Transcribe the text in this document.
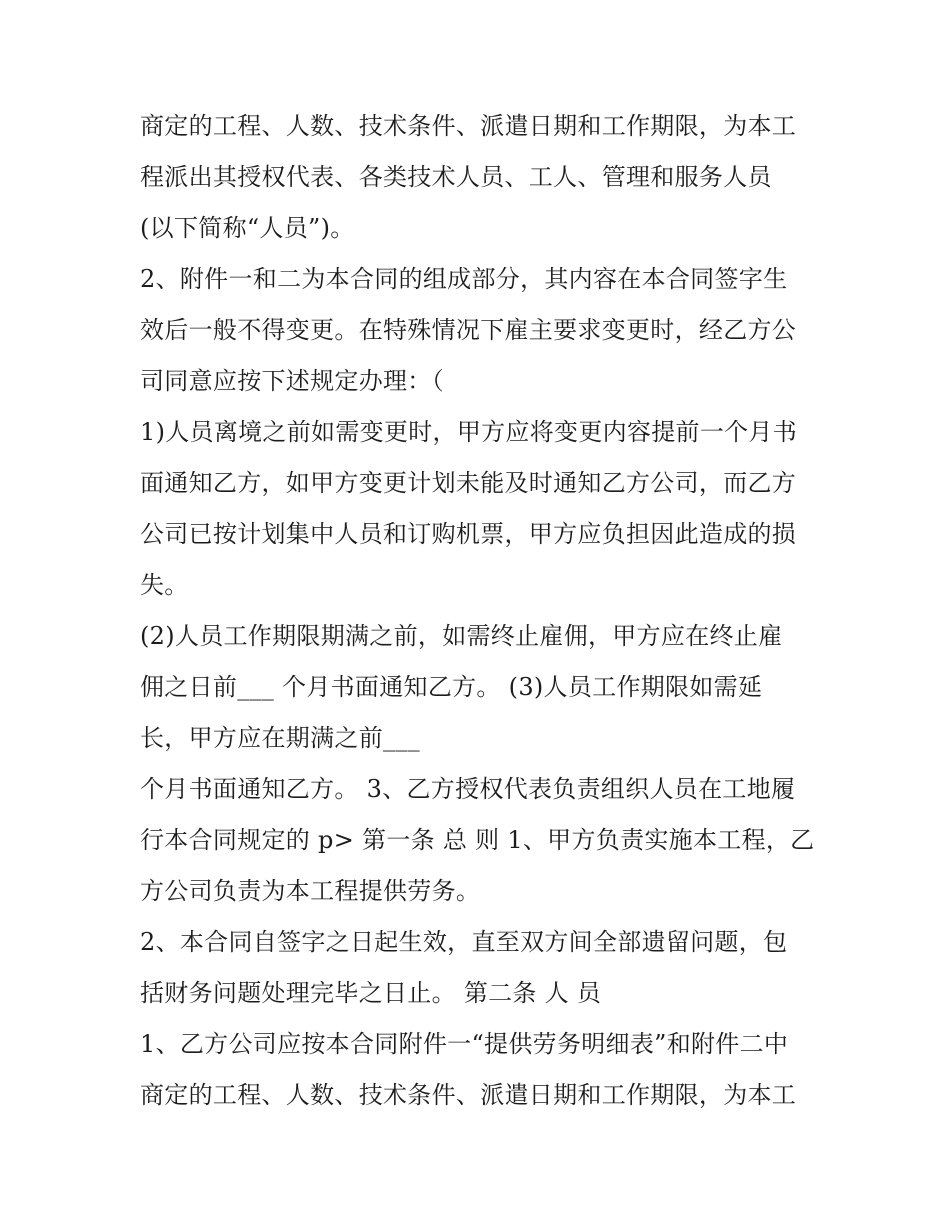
商定的工程、人数、技术条件、派遣日期和工作期限，为本工
程派出其授权代表、各类技术人员、工人、管理和服务人员
(以下简称“人员”)。
2、附件一和二为本合同的组成部分，其内容在本合同签字生
效后一般不得变更。在特殊情况下雇主要求变更时，经乙方公
司同意应按下述规定办理：（
1)人员离境之前如需变更时，甲方应将变更内容提前一个月书
面通知乙方，如甲方变更计划未能及时通知乙方公司，而乙方
公司已按计划集中人员和订购机票，甲方应负担因此造成的损
失。
(2)人员工作期限期满之前，如需终止雇佣，甲方应在终止雇
佣之日前___ 个月书面通知乙方。 (3)人员工作期限如需延
长，甲方应在期满之前___
个月书面通知乙方。 3、乙方授权代表负责组织人员在工地履
行本合同规定的 p> 第一条 总 则 1、甲方负责实施本工程，乙
方公司负责为本工程提供劳务。
2、本合同自签字之日起生效，直至双方间全部遗留问题，包
括财务问题处理完毕之日止。 第二条 人 员
1、乙方公司应按本合同附件一“提供劳务明细表”和附件二中
商定的工程、人数、技术条件、派遣日期和工作期限，为本工
